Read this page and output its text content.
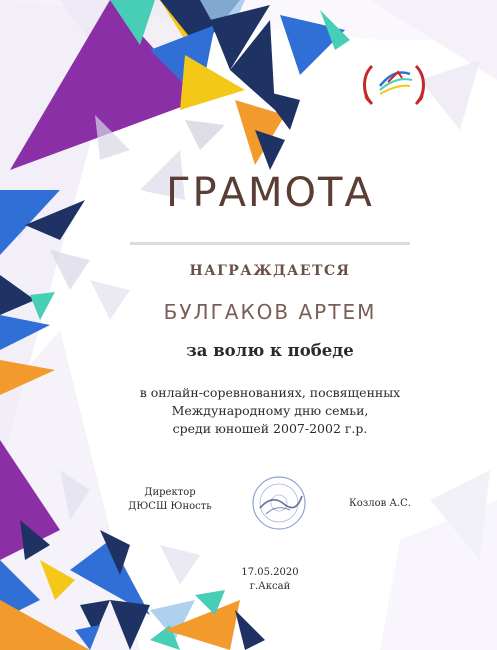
ГРАМОТА
НАГРАЖДАЕТСЯ
БУЛГАКОВ АРТЕМ
за волю к победе
в онлайн-соревнованиях, посвященных
Международному дню семьи,
среди юношей 2007-2002 г.р.
Директор
ДЮСШ Юность	Козлов А.С.
17.05.2020
г.Аксай
